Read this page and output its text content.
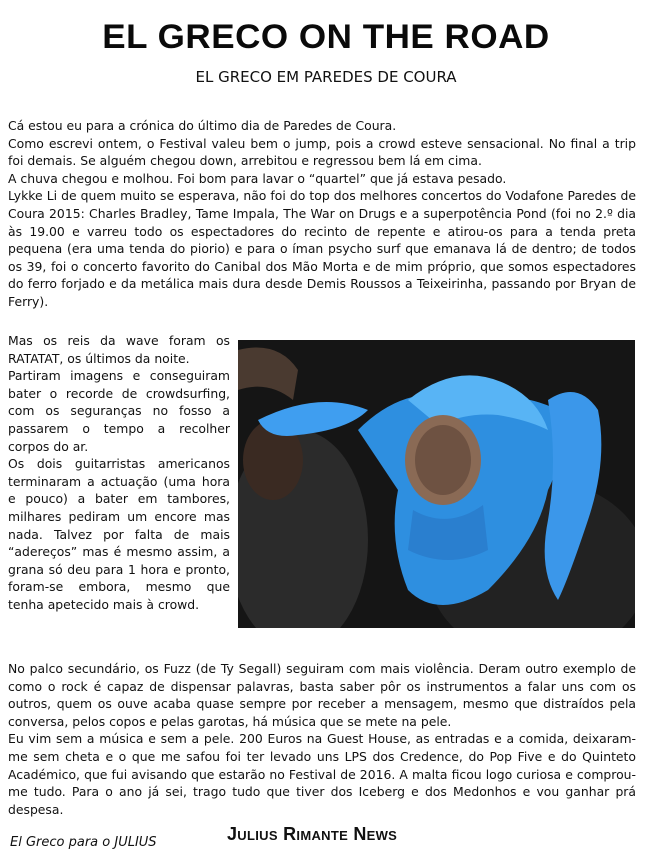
EL GRECO ON THE ROAD
EL GRECO EM PAREDES DE COURA

Cá estou eu para a crónica do último dia de Paredes de Coura.

Como escrevi ontem, o Festival valeu bem o jump, pois a crowd esteve sensacional. No final a trip foi demais. Se alguém chegou down, arrebitou e regressou bem lá em cima.

A chuva chegou e molhou. Foi bom para lavar o “quartel” que já estava pesado.

Lykke Li de quem muito se esperava, não foi do top dos melhores concertos do Vodafone Paredes de Coura 2015: Charles Bradley, Tame Impala, The War on Drugs e a superpotência Pond (foi no 2.º dia às 19.00 e varreu todo os espectadores do recinto de repente e atirou-os para a tenda preta pequena (era uma tenda do piorio) e para o íman psycho surf que emanava lá de dentro; de todos os 39, foi o concerto favorito do Canibal dos Mão Morta e de mim próprio, que somos espectadores do ferro forjado e da metálica mais dura desde Demis Roussos a Teixeirinha, passando por Bryan de Ferry).

Mas os reis da wave foram os RATATAT, os últimos da noite.

Partiram imagens e conseguiram bater o recorde de crowdsurfing, com os seguranças no fosso a passarem o tempo a recolher corpos do ar.

Os dois guitarristas americanos terminaram a actuação (uma hora e pouco) a bater em tambores, milhares pediram um encore mas nada. Talvez por falta de mais “adereços” mas é mesmo assim, a grana só deu para 1 hora e pronto, foram-se embora, mesmo que tenha apetecido mais à crowd.

No palco secundário, os Fuzz (de Ty Segall) seguiram com mais violência. Deram outro exemplo de como o rock é capaz de dispensar palavras, basta saber pôr os instrumentos a falar uns com os outros, quem os ouve acaba quase sempre por receber a mensagem, mesmo que distraídos pela conversa, pelos copos e pelas garotas, há música que se mete na pele.

Eu vim sem a música e sem a pele. 200 Euros na Guest House, as entradas e a comida, deixaram-me sem cheta e o que me safou foi ter levado uns LPS dos Credence, do Pop Five e do Quinteto Académico, que fui avisando que estarão no Festival de 2016. A malta ficou logo curiosa e comprou-me tudo. Para o ano já sei, trago tudo que tiver dos Iceberg e dos Medonhos e vou ganhar prá despesa.

El Greco para o JULIUS	Julius Rimante News
